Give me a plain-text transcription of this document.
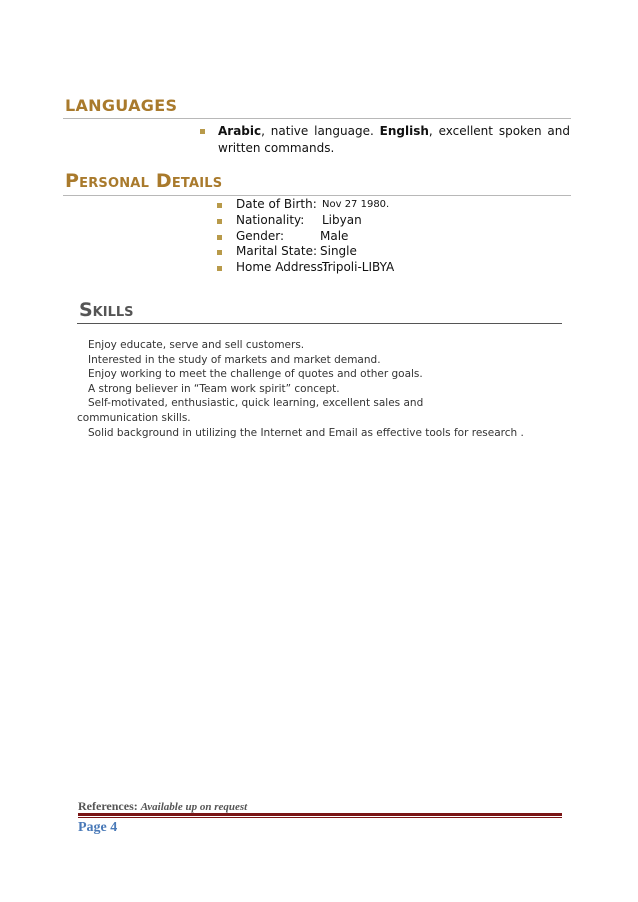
LANGUAGES
Arabic, native language. English, excellent spoken and written commands.
Personal Details
Date of Birth: Nov 27 1980.
Nationality: Libyan
Gender:	Male
Marital State: Single
Home Address:
Tripoli-LIBYA
Skills
Enjoy educate, serve and sell customers.
Interested in the study of markets and market demand.
Enjoy working to meet the challenge of quotes and other goals.
A strong believer in “Team work spirit” concept.
Self-motivated, enthusiastic, quick learning, excellent sales and
communication skills.
Solid background in utilizing the Internet and Email as effective tools for research .
References: Available up on request
Page 4
